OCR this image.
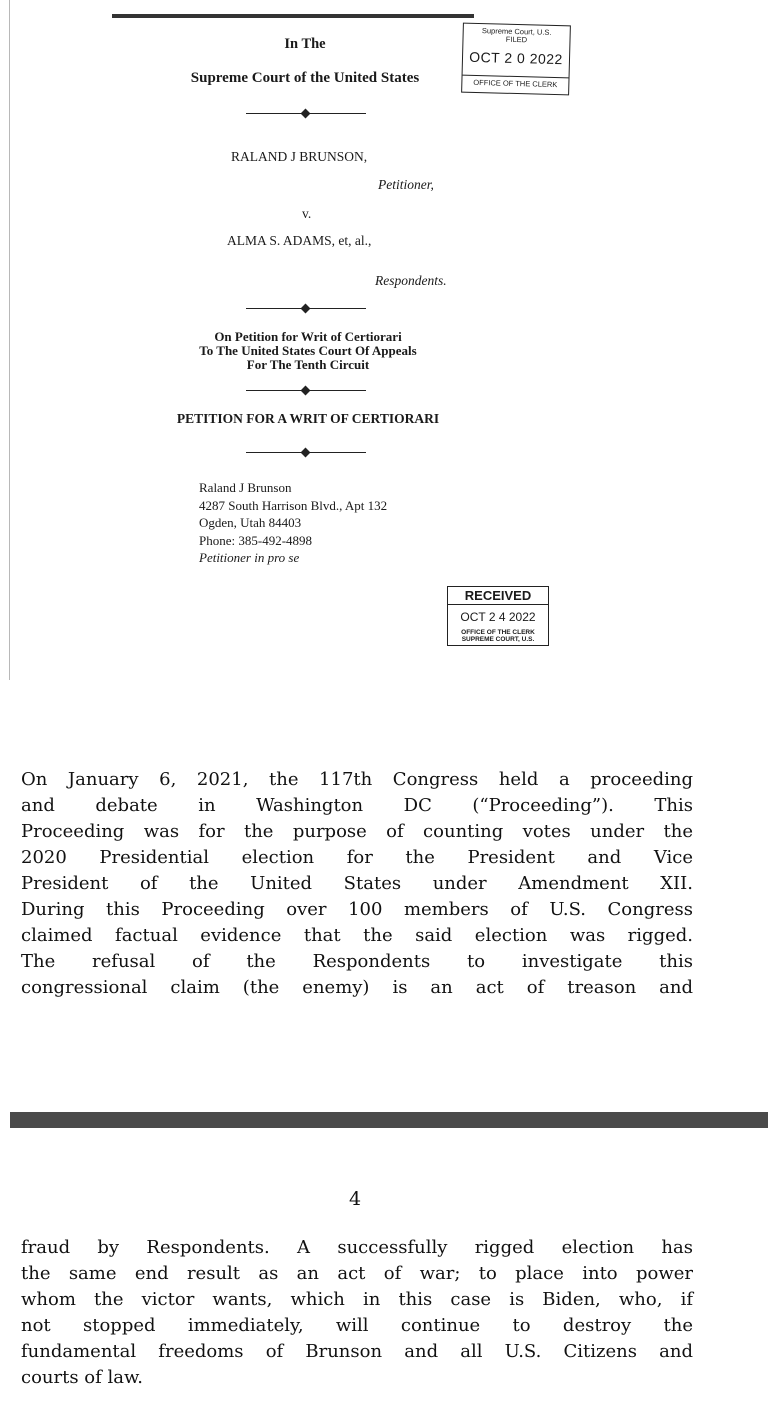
In The
Supreme Court of the United States
RALAND J BRUNSON,
Petitioner,
v.
ALMA S. ADAMS, et, al.,
Respondents.
On Petition for Writ of Certiorari
To The United States Court Of Appeals
For The Tenth Circuit
PETITION FOR A WRIT OF CERTIORARI
Raland J Brunson
4287 South Harrison Blvd., Apt 132
Ogden, Utah 84403
Phone: 385-492-4898
Petitioner in pro se
Supreme Court, U.S.
FILED
OCT 2 0 2022
OFFICE OF THE CLERK
RECEIVED
OCT 2 4 2022
OFFICE OF THE CLERK
SUPREME COURT, U.S.
On January 6, 2021, the 117th Congress held a proceeding
and debate in Washington DC (“Proceeding”). This
Proceeding was for the purpose of counting votes under the
2020 Presidential election for the President and Vice
President of the United States under Amendment XII.
During this Proceeding over 100 members of U.S. Congress
claimed factual evidence that the said election was rigged.
The refusal of the Respondents to investigate this
congressional claim (the enemy) is an act of treason and
4
fraud by Respondents. A successfully rigged election has
the same end result as an act of war; to place into power
whom the victor wants, which in this case is Biden, who, if
not stopped immediately, will continue to destroy the
fundamental freedoms of Brunson and all U.S. Citizens and
courts of law.
